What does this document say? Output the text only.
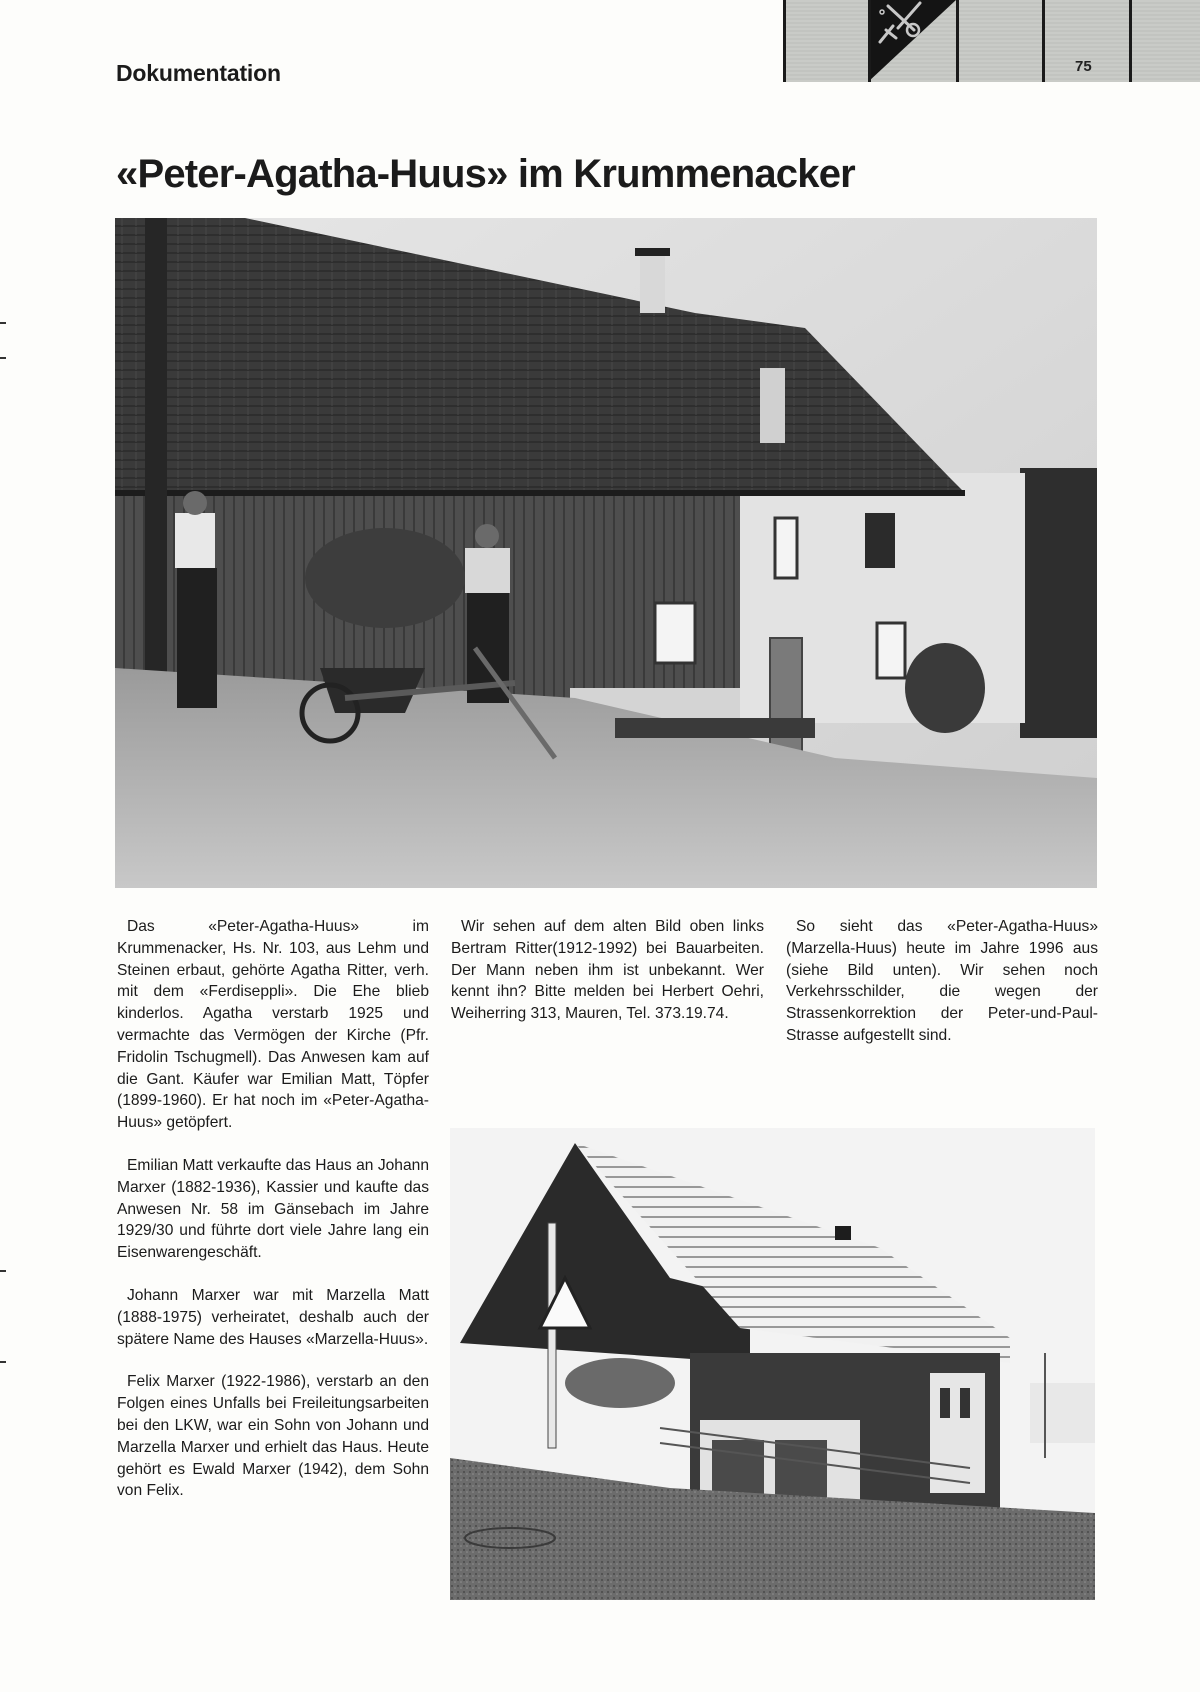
75
Dokumentation
«Peter-Agatha-Huus» im Krummenacker

Das «Peter-Agatha-Huus» im Krummenacker, Hs. Nr. 103, aus Lehm und Steinen erbaut, gehörte Agatha Ritter, verh. mit dem «Ferdiseppli». Die Ehe blieb kinderlos. Agatha verstarb 1925 und vermachte das Vermögen der Kirche (Pfr. Fridolin Tschugmell). Das Anwesen kam auf die Gant. Käufer war Emilian Matt, Töpfer (1899-1960). Er hat noch im «Peter-Agatha-Huus» getöpfert.

Emilian Matt verkaufte das Haus an Johann Marxer (1882-1936), Kassier und kaufte das Anwesen Nr. 58 im Gänsebach im Jahre 1929/30 und führte dort viele Jahre lang ein Eisenwarengeschäft.

Johann Marxer war mit Marzella Matt (1888-1975) verheiratet, deshalb auch der spätere Name des Hauses «Marzella-Huus».

Felix Marxer (1922-1986), verstarb an den Folgen eines Unfalls bei Freileitungsarbeiten bei den LKW, war ein Sohn von Johann und Marzella Marxer und erhielt das Haus. Heute gehört es Ewald Marxer (1942), dem Sohn von Felix.

Wir sehen auf dem alten Bild oben links Bertram Ritter(1912-1992) bei Bauarbeiten. Der Mann neben ihm ist unbekannt. Wer kennt ihn? Bitte melden bei Herbert Oehri, Weiherring 313, Mauren, Tel. 373.19.74.

So sieht das «Peter-Agatha-Huus» (Marzella-Huus) heute im Jahre 1996 aus (siehe Bild unten). Wir sehen noch Verkehrsschilder, die wegen der Strassenkorrektion der Peter-und-Paul-Strasse aufgestellt sind.
